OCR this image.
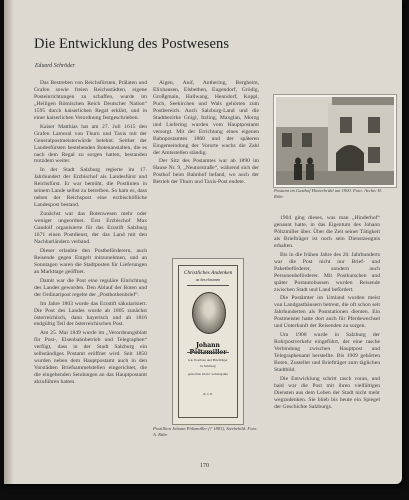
Die Entwicklung des Postwesens
Eduard Schröder

Das Bestreben von Reichsfürsten, Prälaten und Grafen sowie freien Reichsstädten, eigene Posteinrichtungen zu schaffen, wurde im „Heiligen Römischen Reich Deutscher Nation“ 1595 durch kaiserlichen Regal erklärt, und in einer kaiserlichen Verordnung festgeschrieben.

Kaiser Matthias hat am 27. Juli 1615 den Grafen Lamoral von Thurn und Taxis mit der Generalpostmeisterwürde belehnt. Seither der Landesfürsten bestehenden Botenanstalten, die es nach dem Regal zu sorgen hatten, bestanden trotzdem weiter.

In der Stadt Salzburg regierte im 17. Jahrhundert der Erzbischof als Landesfürst und Reichsfürst. Er war bemüht, die Postlinien in seinem Lande selbst zu betreiben. So kam es, dass neben der Reichspost eine erzbischöfliche Landespost bestand.

Zunächst war das Botenwesen mehr oder weniger ungeordnet. Erst Erzbischof Max Gandolf organisierte für das Erzstift Salzburg 1671 einen Postdienst, der das Land mit den Nachbarländern verband.

Dieser erlaubte den Postbeförderern, auch Reisende gegen Entgelt mitzunehmen, und an Sonntagen waren die Stadtposten für Lieferungen an Markttage geöffnet.

Damit war die Post eine reguläre Einrichtung des Landes geworden. Den Ablauf der Boten und der Ordinaripost regelte der „Postbothenbrief“.

Im Jahre 1803 wurde das Erzstift säkularisiert. Die Post des Landes wurde ab 1805 zunächst österreichisch, dann bayerisch und ab 1816 endgültig Teil der österreichischen Post.

Am 25. Mai 1849 wurde im „Verordnungsblatt für Post-, Eisenbahnbetrieb und Telegraphen“ verfügt, dass in der Stadt Salzburg ein selbständiges Postamt eröffnet wird. Seit 1850 wurden neben dem Hauptpostamt auch in den Vorstädten Briefsammelstellen eingerichtet, die die eingehenden Sendungen an das Hauptpostamt abzuführen hatten.

Aigen, Anif, Anthering, Bergheim, Elixhausen, Elsbethen, Eugendorf, Grödig, Großgmain, Hallwang, Henndorf, Koppl, Puch, Seekirchen und Wals gehörten zum Postbereich. Auch Salzburg-Land und die Stadtbezirke Gnigl, Itzling, Maxglan, Morzg und Liefering wurden vom Hauptpostamt versorgt. Mit der Errichtung eines eigenen Bahnpostamtes 1860 und der späteren Eingemeindung der Vororte wuchs die Zahl der Amtsstellen ständig.

Der Sitz des Postamtes war ab 1890 im Hause Nr. 9, „Neutorstraße“, während sich der Posthof beim Bahnhof befand, wo auch der Betrieb der Thurn und Taxis-Post endete.

Postamt im Gasthof Hinterbrühl um 1900. Foto: Archiv H. Röhr

1904 ging dieses, was man „Hinderhof“ genannt hatte, in das Eigentum des Johann Pöltzmiller über. Über die Zeit seiner Tätigkeit als Briefträger ist noch sein Dienstzeugnis erhalten.

Bis in die frühen Jahre des 20. Jahrhunderts war die Post nicht nur Brief- und Paketbeförderer, sondern auch Personenbeförderer. Mit Postkutschen und später Postautobussen wurden Reisende zwischen Stadt und Land befördert.

Die Postämter im Umland wurden meist von Landgasthäusern betreut, die oft schon seit Jahrhunderten als Poststationen dienten. Ein Postmeister hatte dort auch für Pferdewechsel und Unterkunft der Reisenden zu sorgen.

Um 1908 wurde in Salzburg der Rohrpostverkehr eingeführt, der eine rasche Verbindung zwischen Hauptpost und Telegraphenamt herstellte. Bis 1909 gehörten Boten, Zusteller und Briefträger zum täglichen Stadtbild.

Die Entwicklung schritt rasch voran, und bald war die Post mit ihren vielfältigen Diensten aus dem Leben der Stadt nicht mehr wegzudenken. Sie blieb bis heute ein Spiegel der Geschichte Salzburgs.

Christliches Andenken
an den ehrsamen
Johann
k.k. Postbote und Briefträger
in Salzburg
gestorben im 62. Lebensjahre
R. I. P.
Postillion Johann Pöltzmiller († 1881), Sterbebild. Foto: A. Rühr
170
